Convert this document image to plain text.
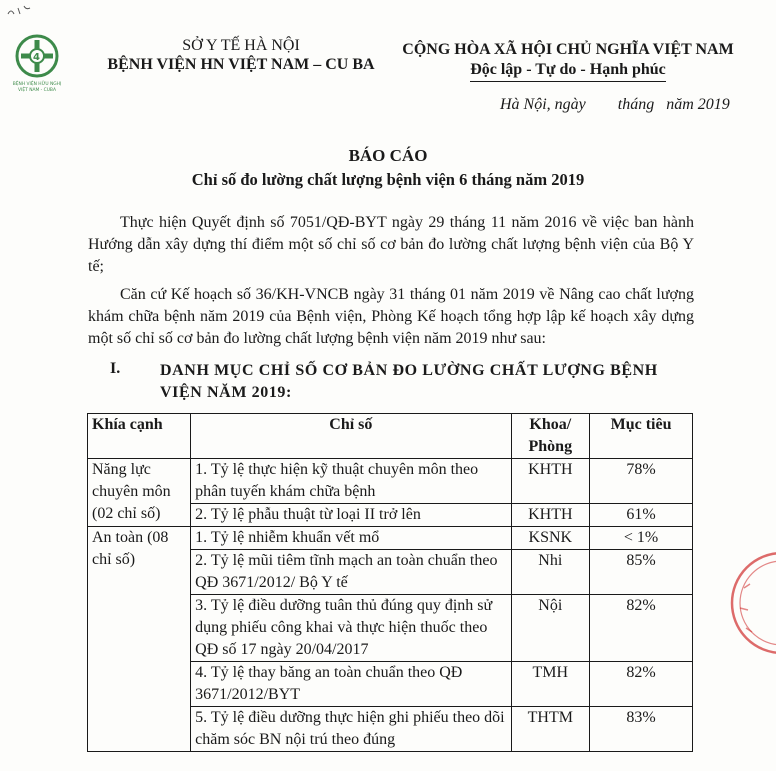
4
BỆNH VIỆN HỮU NGHỊ
VIỆT NAM - CUBA
SỞ Y TẾ HÀ NỘI
BỆNH VIỆN HN VIỆT NAM – CU BA
CỘNG HÒA XÃ HỘI CHỦ NGHĨA VIỆT NAM
Độc lập - Tự do - Hạnh phúc
Hà Nội, ngày        tháng   năm 2019
BÁO CÁO
Chỉ số đo lường chất lượng bệnh viện 6 tháng năm 2019
Thực hiện Quyết định số 7051/QĐ-BYT ngày 29 tháng 11 năm 2016 về việc ban hành Hướng dẫn xây dựng thí điểm một số chỉ số cơ bản đo lường chất lượng bệnh viện của Bộ Y tế;
Căn cứ Kế hoạch số 36/KH-VNCB ngày 31 tháng 01 năm 2019 về Nâng cao chất lượng khám chữa bệnh năm 2019 của Bệnh viện, Phòng Kế hoạch tổng hợp lập kế hoạch xây dựng một số chỉ số cơ bản đo lường chất lượng bệnh viện năm 2019 như sau:
I. DANH MỤC CHỈ SỐ CƠ BẢN ĐO LƯỜNG CHẤT LƯỢNG BỆNH VIỆN NĂM 2019:
Khía cạnh	Chỉ số	Khoa/ Phòng	Mục tiêu
Năng lực chuyên môn (02 chỉ số)	1. Tỷ lệ thực hiện kỹ thuật chuyên môn theo phân tuyến khám chữa bệnh	KHTH	78%
	2. Tỷ lệ phẫu thuật từ loại II trở lên	KHTH	61%
An toàn (08 chỉ số)	1. Tỷ lệ nhiễm khuẩn vết mổ	KSNK	< 1%
	2. Tỷ lệ mũi tiêm tĩnh mạch an toàn chuẩn theo QĐ 3671/2012/ Bộ Y tế	Nhi	85%
	3. Tỷ lệ điều dưỡng tuân thủ đúng quy định sử dụng phiếu công khai và thực hiện thuốc theo QĐ số 17 ngày 20/04/2017	Nội	82%
	4. Tỷ lệ thay băng an toàn chuẩn theo QĐ 3671/2012/BYT	TMH	82%
	5. Tỷ lệ điều dưỡng thực hiện ghi phiếu theo dõi chăm sóc BN nội trú theo đúng	THTM	83%
